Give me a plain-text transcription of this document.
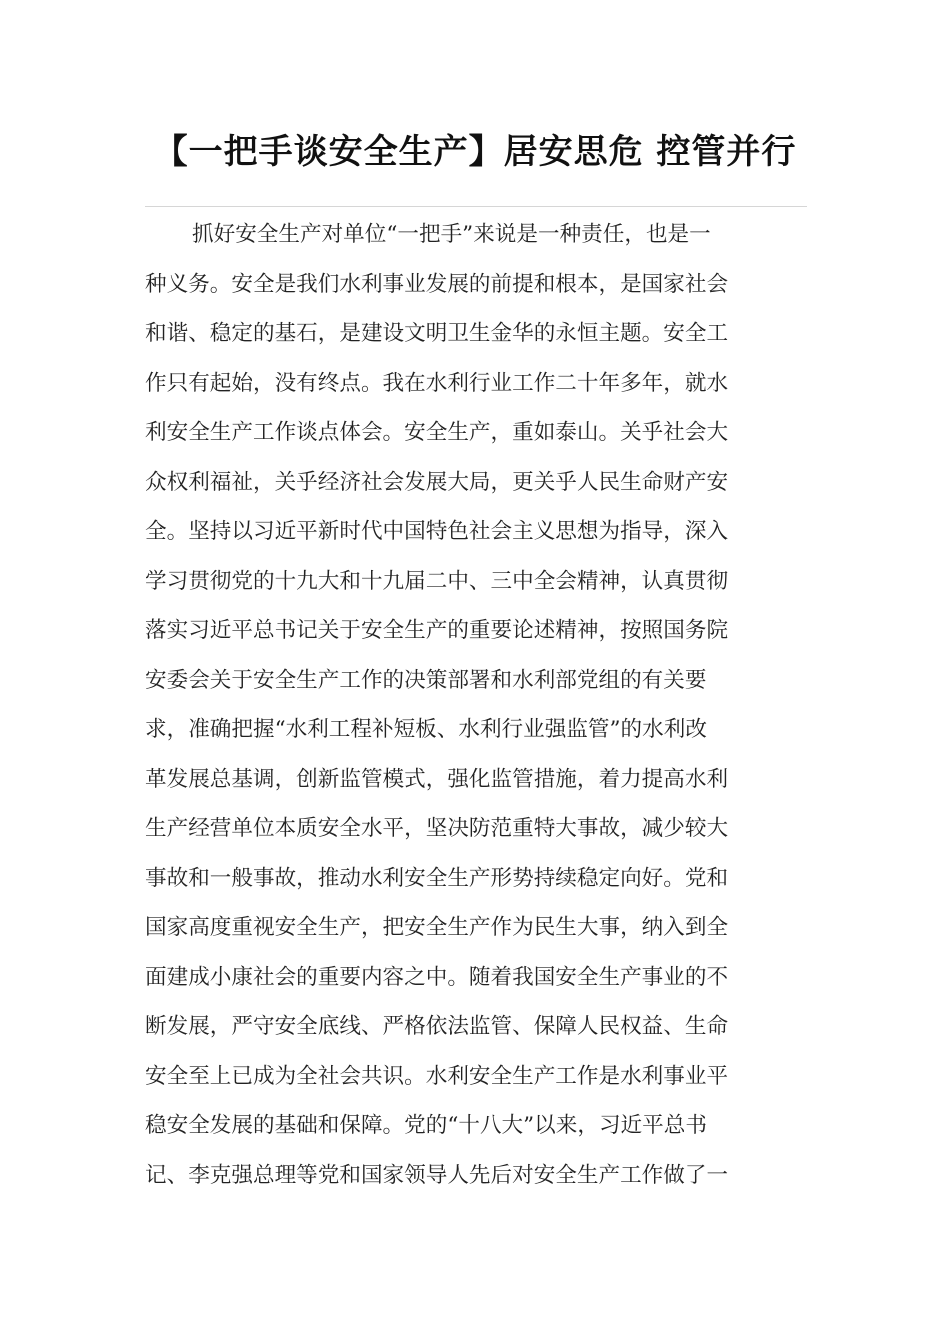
【一把手谈安全生产】居安思危 控管并行
抓好安全生产对单位“一把手”来说是一种责任，也是一
种义务。安全是我们水利事业发展的前提和根本，是国家社会
和谐、稳定的基石，是建设文明卫生金华的永恒主题。安全工
作只有起始，没有终点。我在水利行业工作二十年多年，就水
利安全生产工作谈点体会。安全生产，重如泰山。关乎社会大
众权利福祉，关乎经济社会发展大局，更关乎人民生命财产安
全。坚持以习近平新时代中国特色社会主义思想为指导，深入
学习贯彻党的十九大和十九届二中、三中全会精神，认真贯彻
落实习近平总书记关于安全生产的重要论述精神，按照国务院
安委会关于安全生产工作的决策部署和水利部党组的有关要
求，准确把握“水利工程补短板、水利行业强监管”的水利改
革发展总基调，创新监管模式，强化监管措施，着力提高水利
生产经营单位本质安全水平，坚决防范重特大事故，减少较大
事故和一般事故，推动水利安全生产形势持续稳定向好。党和
国家高度重视安全生产，把安全生产作为民生大事，纳入到全
面建成小康社会的重要内容之中。随着我国安全生产事业的不
断发展，严守安全底线、严格依法监管、保障人民权益、生命
安全至上已成为全社会共识。水利安全生产工作是水利事业平
稳安全发展的基础和保障。党的“十八大”以来，习近平总书
记、李克强总理等党和国家领导人先后对安全生产工作做了一
